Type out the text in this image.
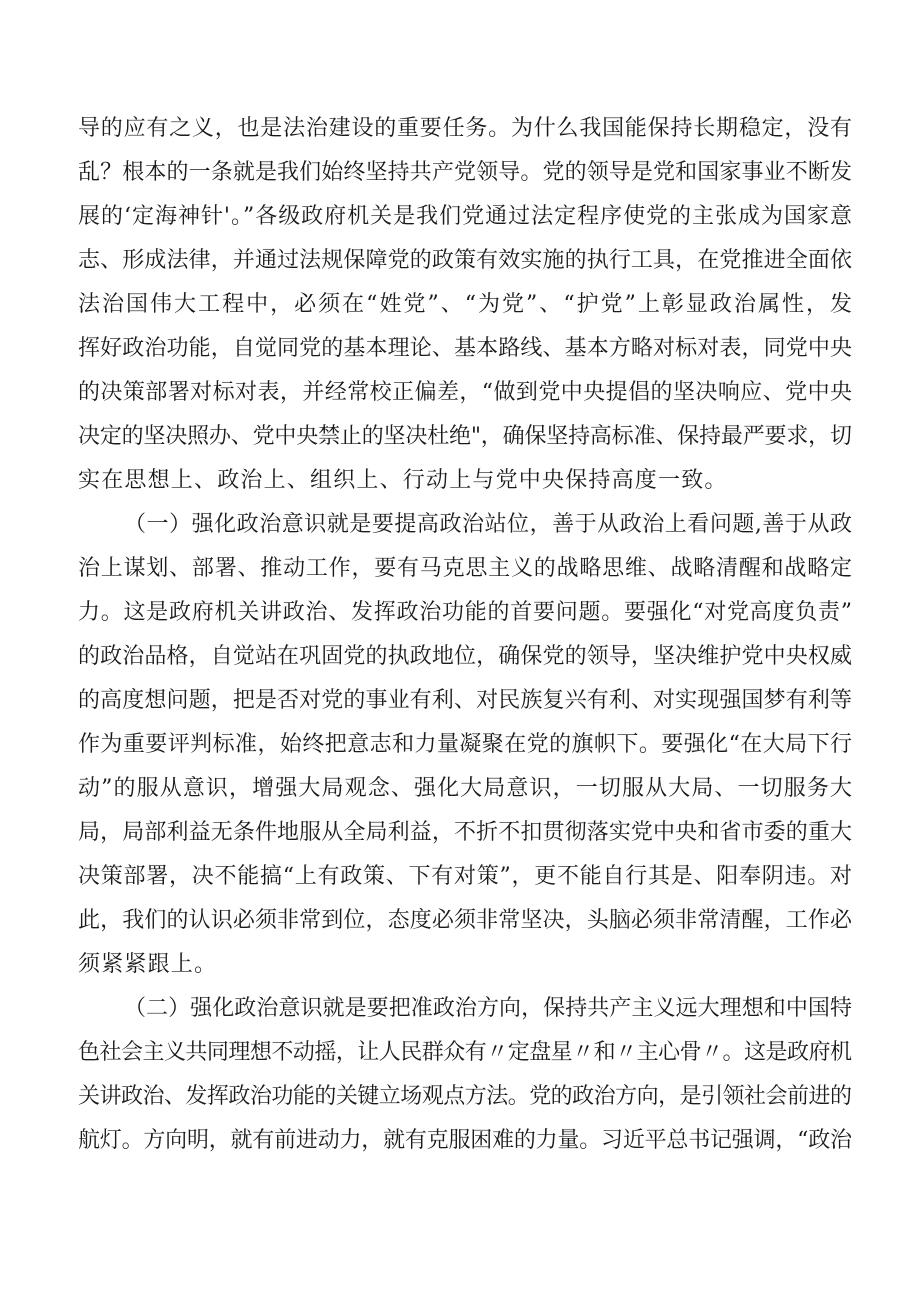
导的应有之义，也是法治建设的重要任务。为什么我国能保持长期稳定，没有
乱？根本的一条就是我们始终坚持共产党领导。党的领导是党和国家事业不断发
展的‘定海神针'。”各级政府机关是我们党通过法定程序使党的主张成为国家意
志、形成法律，并通过法规保障党的政策有效实施的执行工具，在党推进全面依
法治国伟大工程中，必须在“姓党”、“为党”、“护党”上彰显政治属性，发
挥好政治功能，自觉同党的基本理论、基本路线、基本方略对标对表，同党中央
的决策部署对标对表，并经常校正偏差，“做到党中央提倡的坚决响应、党中央
决定的坚决照办、党中央禁止的坚决杜绝"，确保坚持高标准、保持最严要求，切
实在思想上、政治上、组织上、行动上与党中央保持高度一致。
（一）强化政治意识就是要提高政治站位，善于从政治上看问题,善于从政
治上谋划、部署、推动工作，要有马克思主义的战略思维、战略清醒和战略定
力。这是政府机关讲政治、发挥政治功能的首要问题。要强化“对党高度负责”
的政治品格，自觉站在巩固党的执政地位，确保党的领导，坚决维护党中央权威
的高度想问题，把是否对党的事业有利、对民族复兴有利、对实现强国梦有利等
作为重要评判标准，始终把意志和力量凝聚在党的旗帜下。要强化“在大局下行
动”的服从意识，增强大局观念、强化大局意识，一切服从大局、一切服务大
局，局部利益无条件地服从全局利益，不折不扣贯彻落实党中央和省市委的重大
决策部署，决不能搞“上有政策、下有对策”，更不能自行其是、阳奉阴违。对
此，我们的认识必须非常到位，态度必须非常坚决，头脑必须非常清醒，工作必
须紧紧跟上。
（二）强化政治意识就是要把准政治方向，保持共产主义远大理想和中国特
色社会主义共同理想不动摇，让人民群众有〃定盘星〃和〃主心骨〃。这是政府机
关讲政治、发挥政治功能的关键立场观点方法。党的政治方向，是引领社会前进的
航灯。方向明，就有前进动力，就有克服困难的力量。习近平总书记强调，“政治
